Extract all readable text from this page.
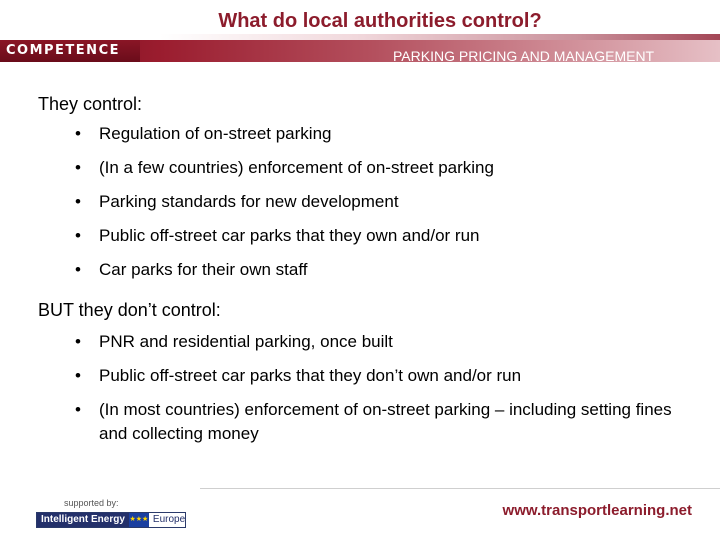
What do local authorities control?
COMPETENCE	PARKING PRICING AND MANAGEMENT
They control:
• Regulation of on-street parking
• (In a few countries) enforcement of on-street parking
• Parking standards for new development
• Public off-street car parks that they own and/or run
• Car parks for their own staff
BUT they don’t control:
• PNR and residential parking, once built
• Public off-street car parks that they don’t own and/or run
• (In most countries) enforcement of on-street parking – including setting fines and collecting money
supported by:
Intelligent Energy ★★★ Europe
www.transportlearning.net
